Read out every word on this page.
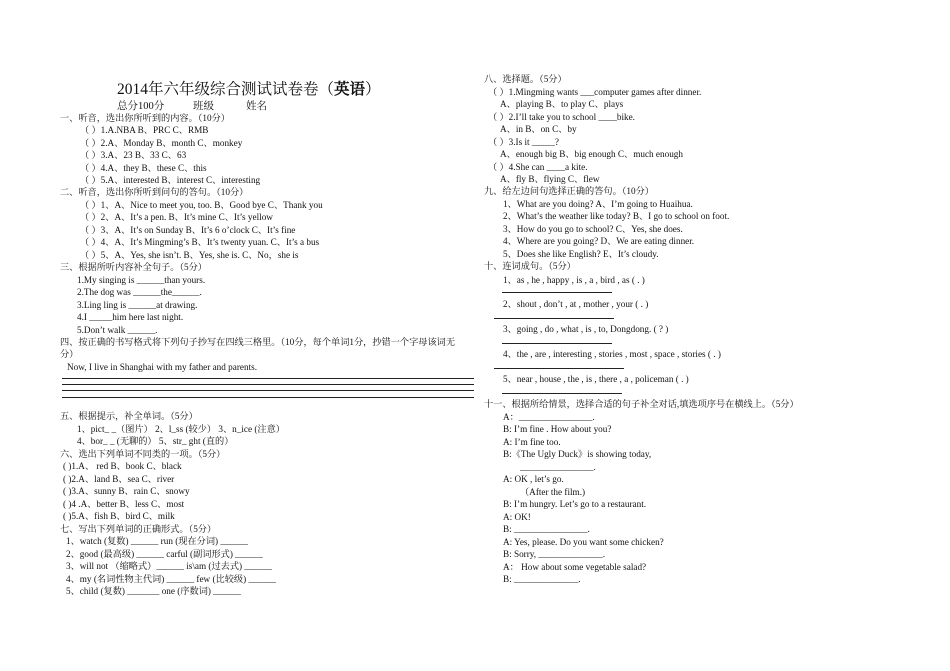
2014年六年级综合测试试卷卷（英语）
总分100分	班级	姓名
一、听音，选出你所听到的内容。（10分）
（ ）1.A.NBA B、PRC C、RMB
（ ）2.A、Monday B、month C、monkey
（ ）3.A、23 B、33 C、63
（ ）4.A、they B、these C、this
（ ）5.A、interested B、interest C、interesting
二、听音，选出你所听到问句的答句。（10分）
（ ）1、A、Nice to meet you, too. B、Good bye C、Thank you
（ ）2、A、It’s a pen. B、It’s mine C、It’s yellow
（ ）3、A、It’s on Sunday B、It’s 6 o’clock C、It’s fine
（ ）4、A、It’s Mingming’s B、It’s twenty yuan. C、It’s a bus
（ ）5、A、Yes, she isn’t. B、Yes, she is. C、No，she is
三、根据所听内容补全句子。（5分）
1.My singing is ______than yours.
2.The dog was ______the______.
3.Ling ling is ______at drawing.
4.I _____him here last night.
5.Don’t walk ______.
四、按正确的书写格式将下列句子抄写在四线三格里。（10分，每个单词1分，抄错一个字母该词无
分）
Now, I live in Shanghai with my father and parents.
五、根据提示，补全单词。（5分）
1、pict_ _（图片） 2、l_ss (较少） 3、n_ice (注意）
4、bor_ _ (无聊的） 5、str_ ght (直的）
六、选出下列单词不同类的一项。（5分）
( )1.A、 red B、book C、black
( )2.A、land B、sea C、river
( )3.A、sunny B、rain C、snowy
( )4 .A、better B、less C、most
( )5.A、fish B、bird C、milk
七、写出下列单词的正确形式。（5分）
1、watch (复数) ______ run (现在分词) ______
2、good (最高级) ______ carful (副词形式) ______
3、will not （缩略式）______ is\am (过去式) ______
4、my (名词性物主代词) ______ few (比较级) ______
5、child (复数) _______ one (序数词) ______
八、选择题。（5分）
（ ）1.Mingming wants ___computer games after dinner.
A、playing B、to play C、plays
（ ）2.I’ll take you to school ____bike.
A、in B、on C、by
（ ）3.Is it _____?
A、enough big B、big enough C、much enough
（ ）4.She can ____a kite.
A、fly B、flying C、flew
九、给左边问句选择正确的答句。（10分）
1、What are you doing? A、I’m going to Huaihua.
2、What’s the weather like today? B、I go to school on foot.
3、How do you go to school? C、Yes, she does.
4、Where are you going? D、We are eating dinner.
5、Does she like English? E、It’s cloudy.
十、连词成句。（5分）
1、as , he , happy , is , a , bird , as ( . )
2、shout , don’t , at , mother , your ( . )
3、going , do , what , is , to, Dongdong. ( ? )
4、the , are , interesting , stories , most , space , stories ( . )
5、near , house , the , is , there , a , policeman ( . )
十一、根据所给情景，选择合适的句子补全对话,填选项序号在横线上。（5分）
A：________________.
B: I’m fine . How about you?
A: I’m fine too.
B:《The Ugly Duck》is showing today,
________________.
A: OK , let’s go.
（After the film.)
B: I’m hungry. Let’s go to a restaurant.
A: OK!
B: ________________.
A: Yes, please. Do you want some chicken?
B: Sorry, ______________.
A： How about some vegetable salad?
B: ______________.
